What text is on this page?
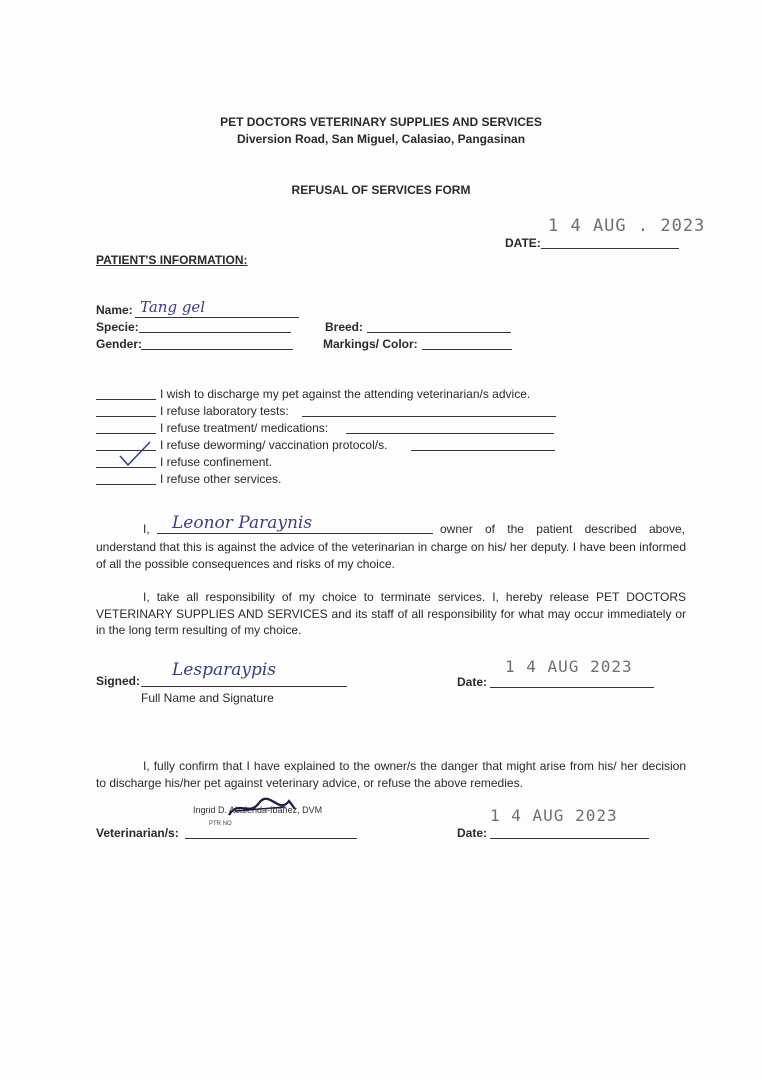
PET DOCTORS VETERINARY SUPPLIES AND SERVICES
Diversion Road, San Miguel, Calasiao, Pangasinan
REFUSAL OF SERVICES FORM
1 4 AUG . 2023
DATE:
PATIENT'S INFORMATION:
Name: Tang gel
Specie:	Breed:
Gender:	Markings/ Color:
I wish to discharge my pet against the attending veterinarian/s advice.
I refuse laboratory tests:
I refuse treatment/ medications:
I refuse deworming/ vaccination protocol/s.
I refuse confinement.
I refuse other services.
I, Leonor Paraynis	owner of the patient described above,
understand that this is against the advice of the veterinarian in charge on his/ her deputy. I have been informed of all the possible consequences and risks of my choice.
I, take all responsibility of my choice to terminate services. I, hereby release PET DOCTORS VETERINARY SUPPLIES AND SERVICES and its staff of all responsibility for what may occur immediately or in the long term resulting of my choice.
Signed:
Lesparaypis
Full Name and Signature
1 4 AUG 2023
Date:
I, fully confirm that I have explained to the owner/s the danger that might arise from his/ her decision to discharge his/her pet against veterinary advice, or refuse the above remedies.
Ingrid D. Abalenda-Ibañez, DVM
PTR NO
Veterinarian/s:
1 4 AUG 2023
Date:
